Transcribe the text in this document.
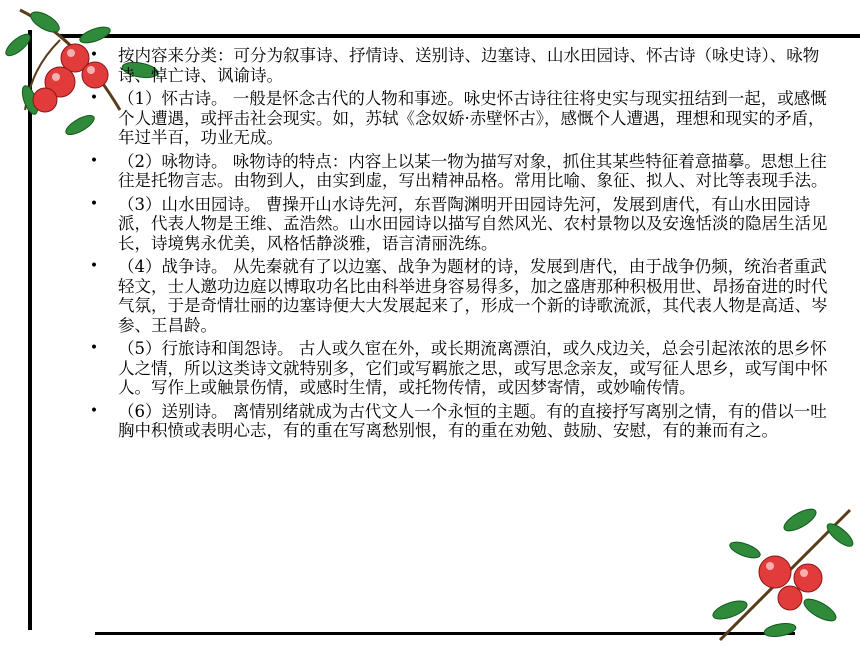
• 按内容来分类：可分为叙事诗、抒情诗、送别诗、边塞诗、山水田园诗、怀古诗（咏史诗）、咏物诗、悼亡诗、讽谕诗。
• （1）怀古诗。 一般是怀念古代的人物和事迹。咏史怀古诗往往将史实与现实扭结到一起，或感慨个人遭遇，或抨击社会现实。如，苏轼《念奴娇·赤壁怀古》，感慨个人遭遇，理想和现实的矛盾，年过半百，功业无成。
• （2）咏物诗。 咏物诗的特点：内容上以某一物为描写对象，抓住其某些特征着意描摹。思想上往往是托物言志。由物到人，由实到虚，写出精神品格。常用比喻、象征、拟人、对比等表现手法。
• （3）山水田园诗。 曹操开山水诗先河，东晋陶渊明开田园诗先河，发展到唐代，有山水田园诗派，代表人物是王维、孟浩然。山水田园诗以描写自然风光、农村景物以及安逸恬淡的隐居生活见长，诗境隽永优美，风格恬静淡雅，语言清丽洗练。
• （4）战争诗。 从先秦就有了以边塞、战争为题材的诗，发展到唐代，由于战争仍频，统治者重武轻文，士人邀功边庭以博取功名比由科举进身容易得多，加之盛唐那种积极用世、昂扬奋进的时代气氛，于是奇情壮丽的边塞诗便大大发展起来了，形成一个新的诗歌流派，其代表人物是高适、岑参、王昌龄。
• （5）行旅诗和闺怨诗。 古人或久宦在外，或长期流离漂泊，或久戍边关，总会引起浓浓的思乡怀人之情，所以这类诗文就特别多，它们或写羁旅之思，或写思念亲友，或写征人思乡，或写闺中怀人。写作上或触景伤情，或感时生情，或托物传情，或因梦寄情，或妙喻传情。
• （6）送别诗。 离情别绪就成为古代文人一个永恒的主题。有的直接抒写离别之情，有的借以一吐胸中积愤或表明心志，有的重在写离愁别恨，有的重在劝勉、鼓励、安慰，有的兼而有之。
